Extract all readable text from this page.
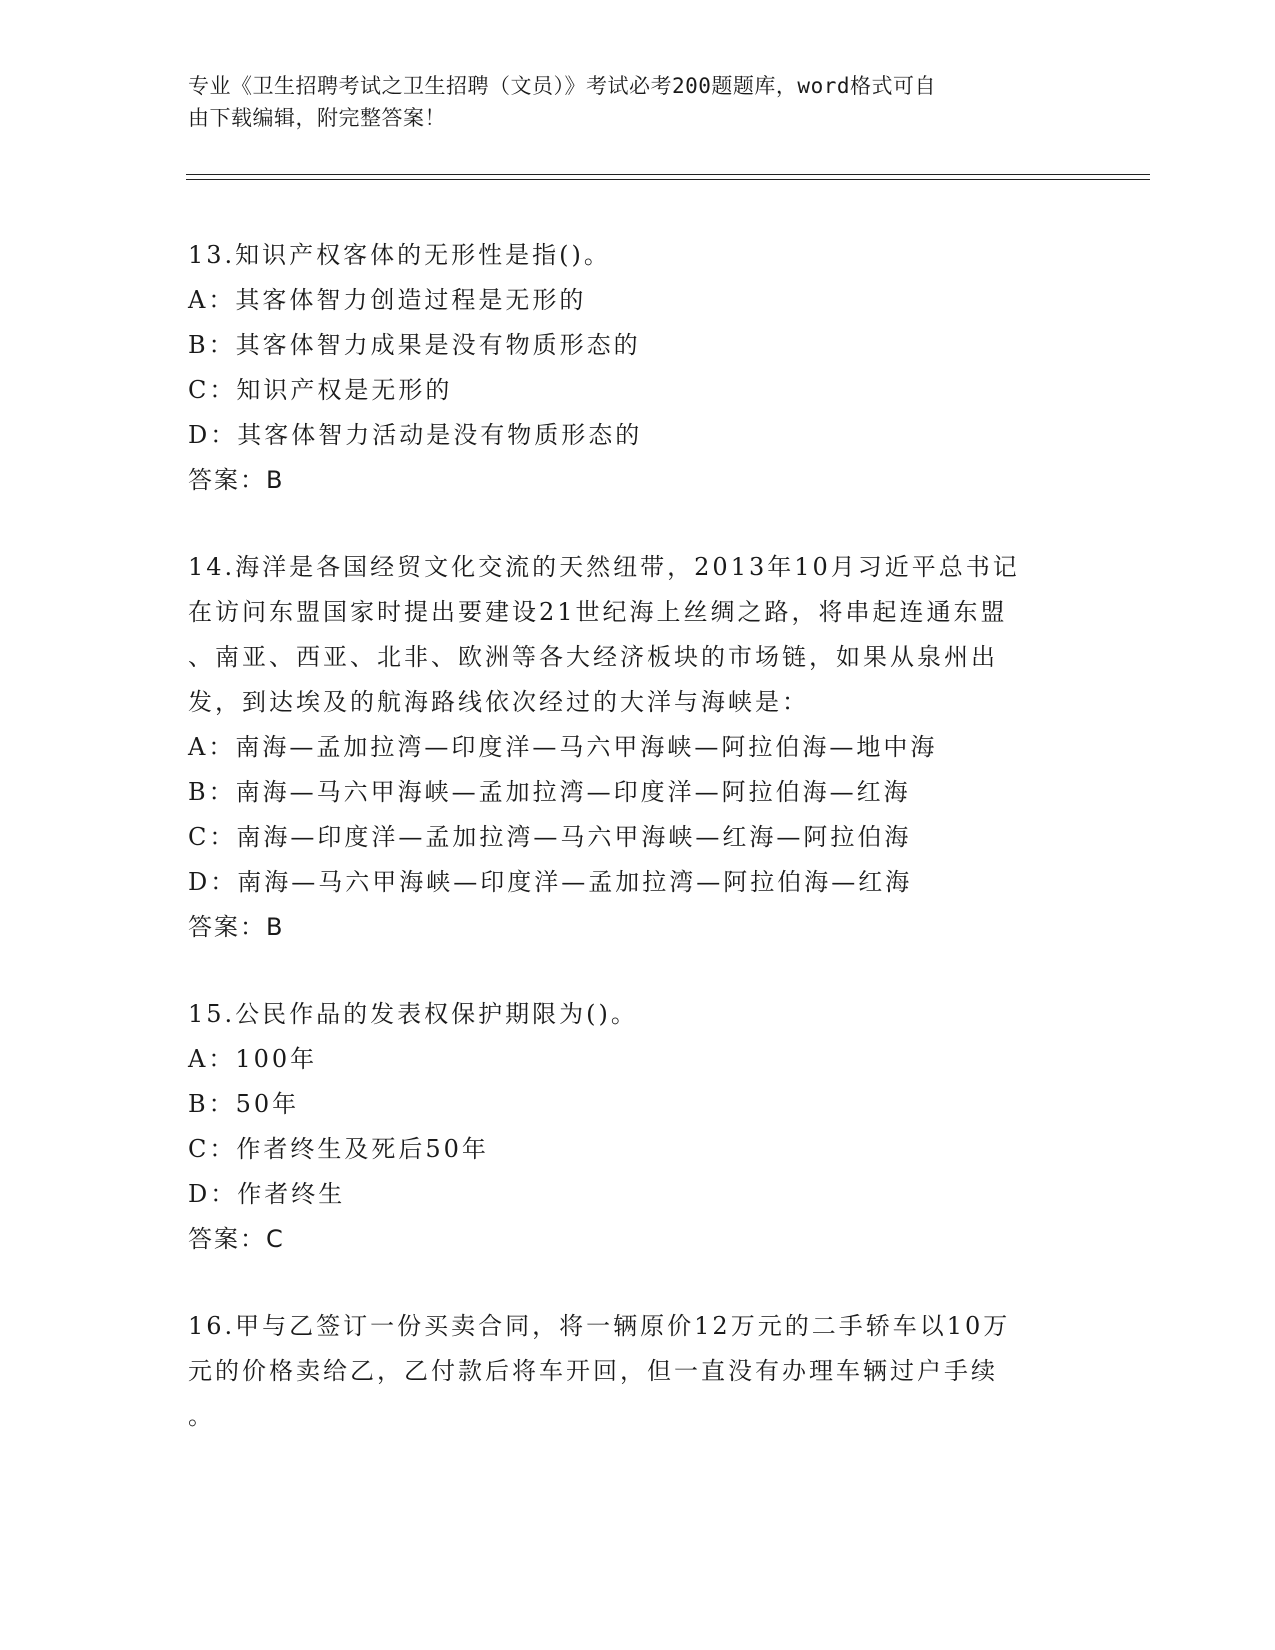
专业《卫生招聘考试之卫生招聘（文员）》考试必考200题题库，word格式可自
由下载编辑，附完整答案！
13.知识产权客体的无形性是指()。
A：其客体智力创造过程是无形的
B：其客体智力成果是没有物质形态的
C：知识产权是无形的
D：其客体智力活动是没有物质形态的
答案：B
14.海洋是各国经贸文化交流的天然纽带，2013年10月习近平总书记
在访问东盟国家时提出要建设21世纪海上丝绸之路，将串起连通东盟
、南亚、西亚、北非、欧洲等各大经济板块的市场链，如果从泉州出
发，到达埃及的航海路线依次经过的大洋与海峡是：
A：南海—孟加拉湾—印度洋—马六甲海峡—阿拉伯海—地中海
B：南海—马六甲海峡—孟加拉湾—印度洋—阿拉伯海—红海
C：南海—印度洋—孟加拉湾—马六甲海峡—红海—阿拉伯海
D：南海—马六甲海峡—印度洋—孟加拉湾—阿拉伯海—红海
答案：B
15.公民作品的发表权保护期限为()。
A：100年
B：50年
C：作者终生及死后50年
D：作者终生
答案：C
16.甲与乙签订一份买卖合同，将一辆原价12万元的二手轿车以10万
元的价格卖给乙，乙付款后将车开回，但一直没有办理车辆过户手续
。
